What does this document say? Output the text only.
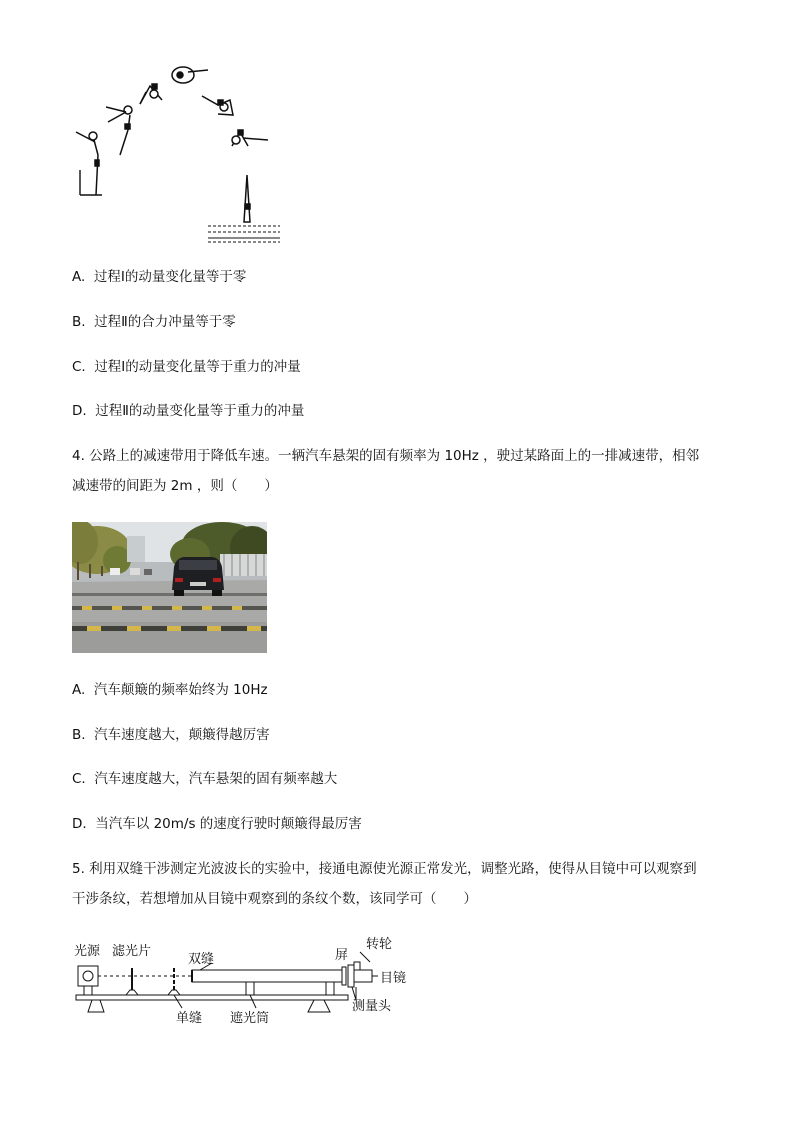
A. 过程Ⅰ的动量变化量等于零
B. 过程Ⅱ的合力冲量等于零
C. 过程Ⅰ的动量变化量等于重力的冲量
D. 过程Ⅱ的动量变化量等于重力的冲量
4. 公路上的减速带用于降低车速。一辆汽车悬架的固有频率为 10Hz ，驶过某路面上的一排减速带，相邻
减速带的间距为 2m ，则（　　）
A. 汽车颠簸的频率始终为 10Hz
B. 汽车速度越大，颠簸得越厉害
C. 汽车速度越大，汽车悬架的固有频率越大
D. 当汽车以 20m/s 的速度行驶时颠簸得最厉害
5. 利用双缝干涉测定光波波长的实验中，接通电源使光源正常发光，调整光路，使得从目镜中可以观察到
干涉条纹，若想增加从目镜中观察到的条纹个数，该同学可（　　）
光源 滤光片
双缝	屏
转轮
目镜
单缝 遮光筒
测量头
